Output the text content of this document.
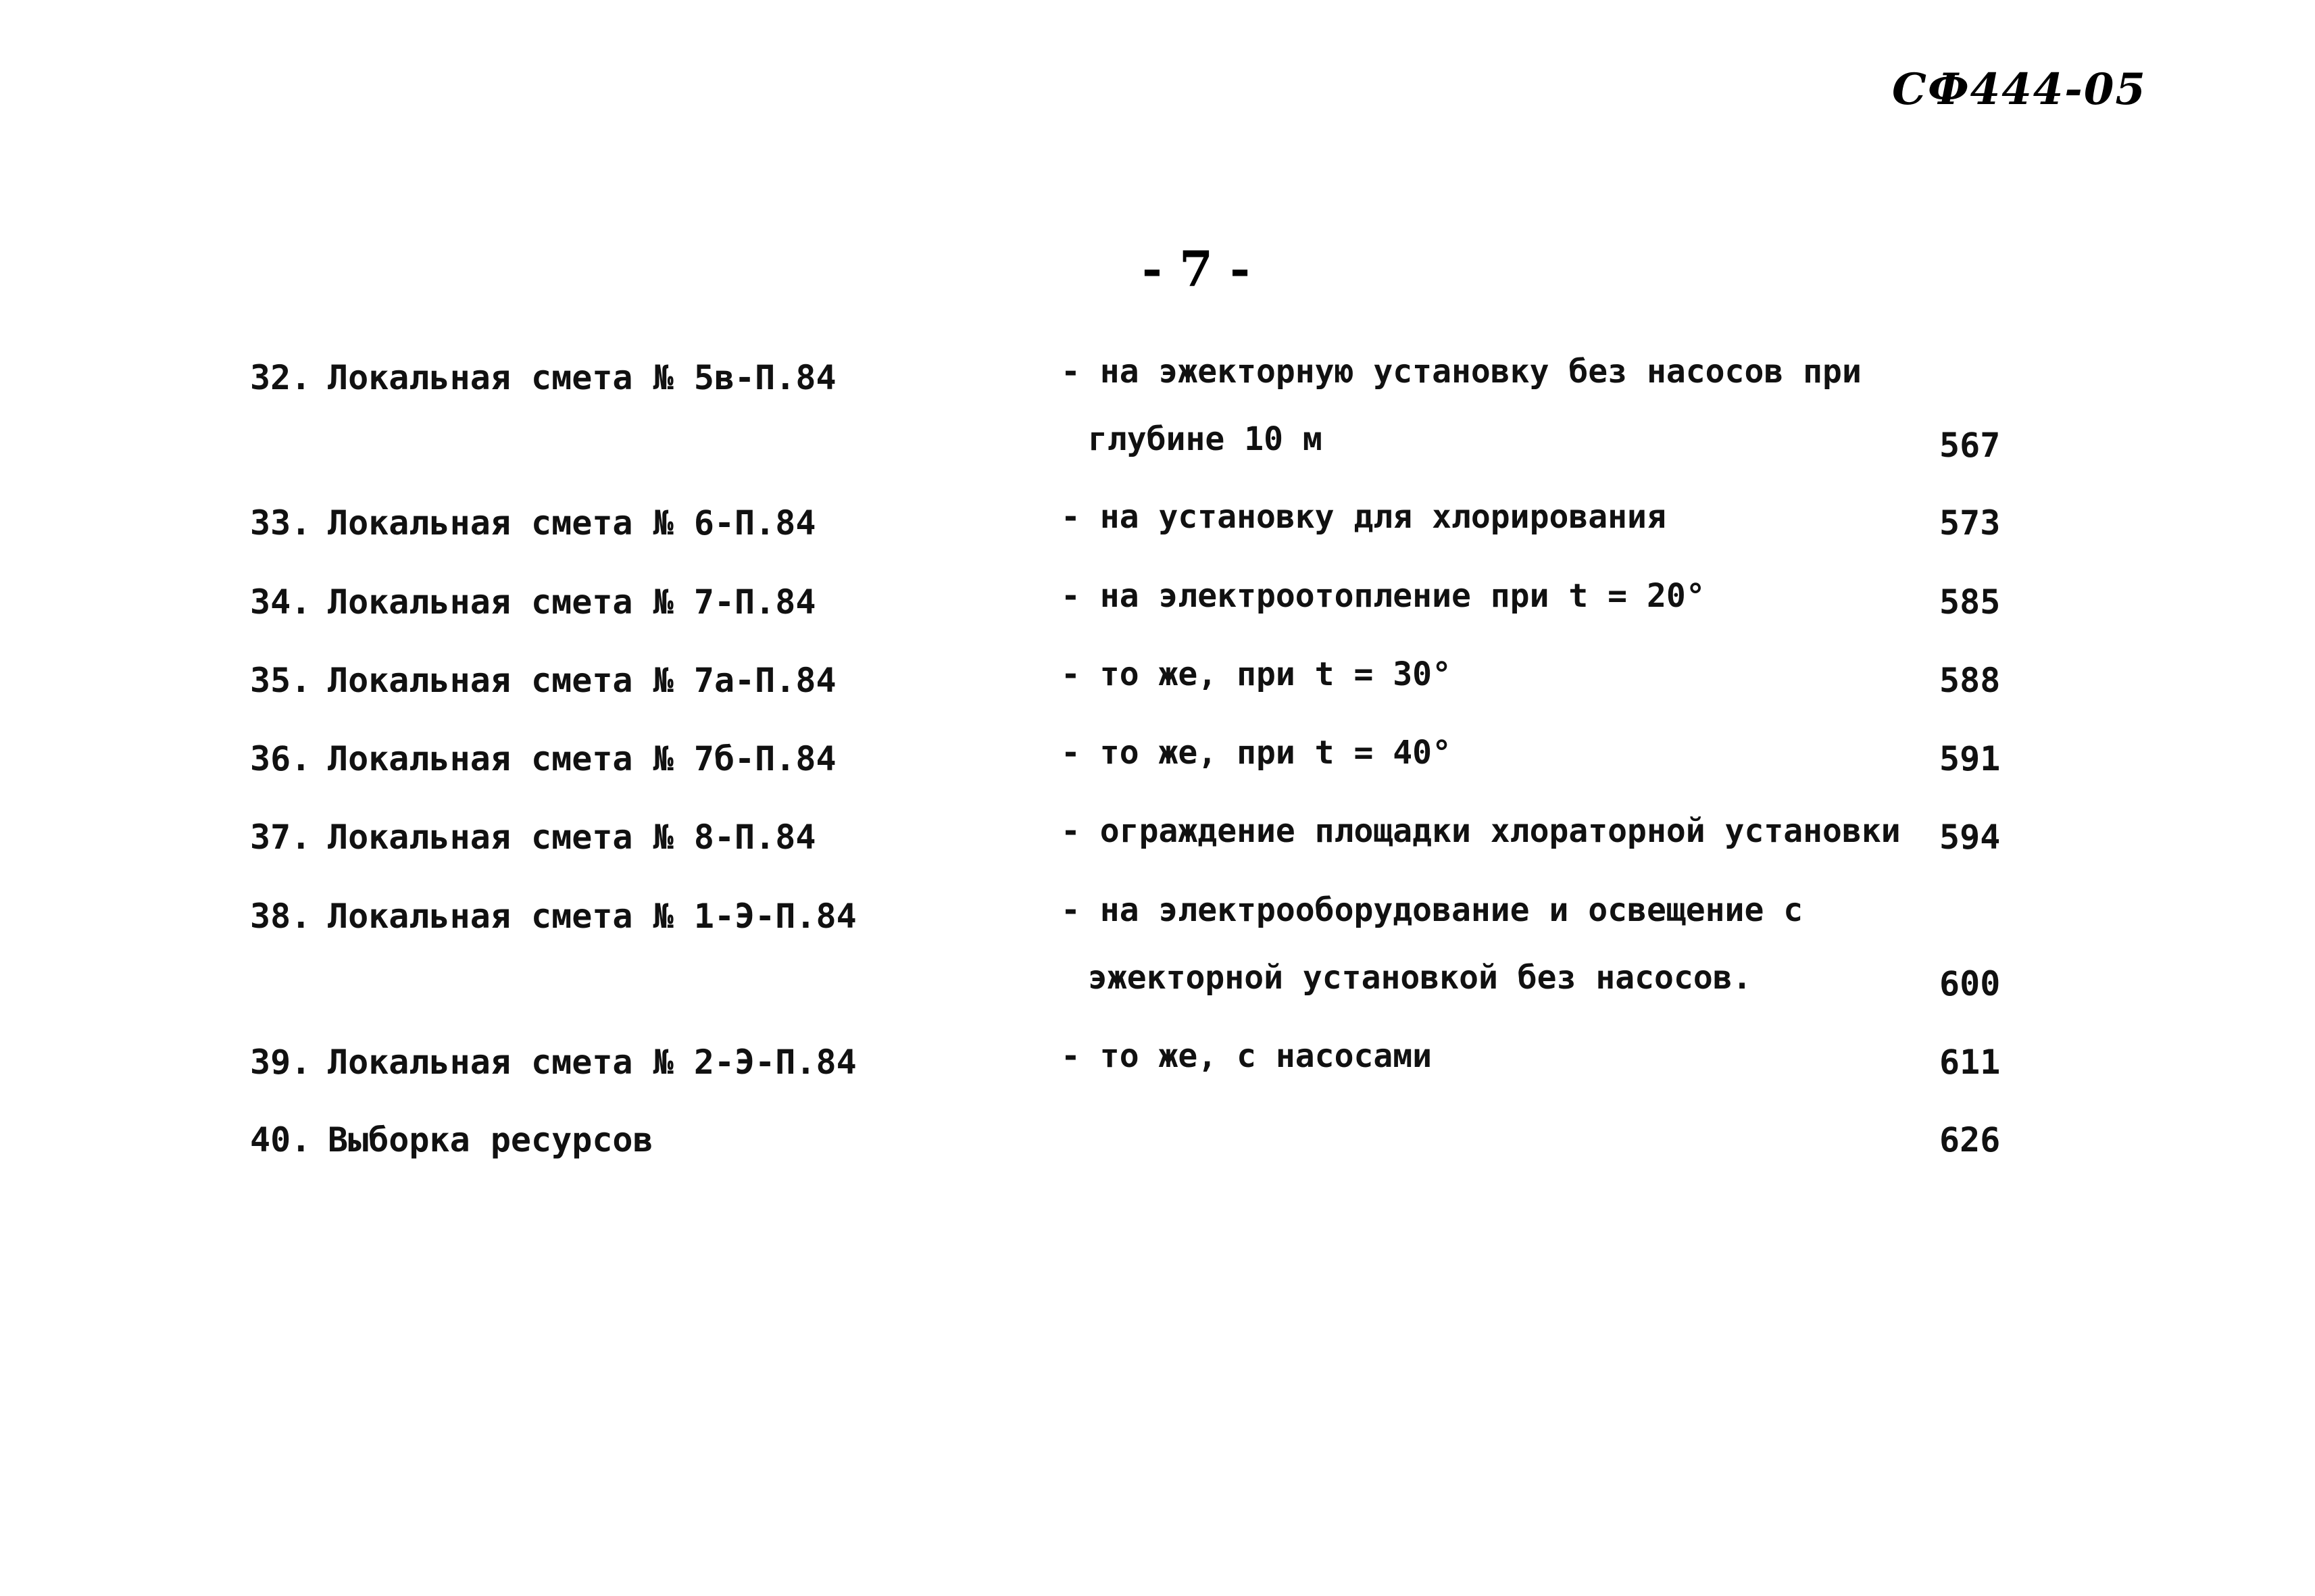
СФ444-05
- 7 -
32. Локальная смета № 5в-П.84	- на эжекторную установку без насосов при
глубине 10 м	567
33. Локальная смета № 6-П.84	- на установку для хлорирования	573
34. Локальная смета № 7-П.84	- на электроотопление при t = 20°	585
35. Локальная смета № 7а-П.84	- то же, при t = 30°	588
36. Локальная смета № 7б-П.84	- то же, при t = 40°	591
37. Локальная смета № 8-П.84	- ограждение площадки хлораторной установки 594
38. Локальная смета № 1-Э-П.84	- на электрооборудование и освещение с
эжекторной установкой без насосов.	600
39. Локальная смета № 2-Э-П.84	- то же, с насосами	611
40. Выборка ресурсов	626
